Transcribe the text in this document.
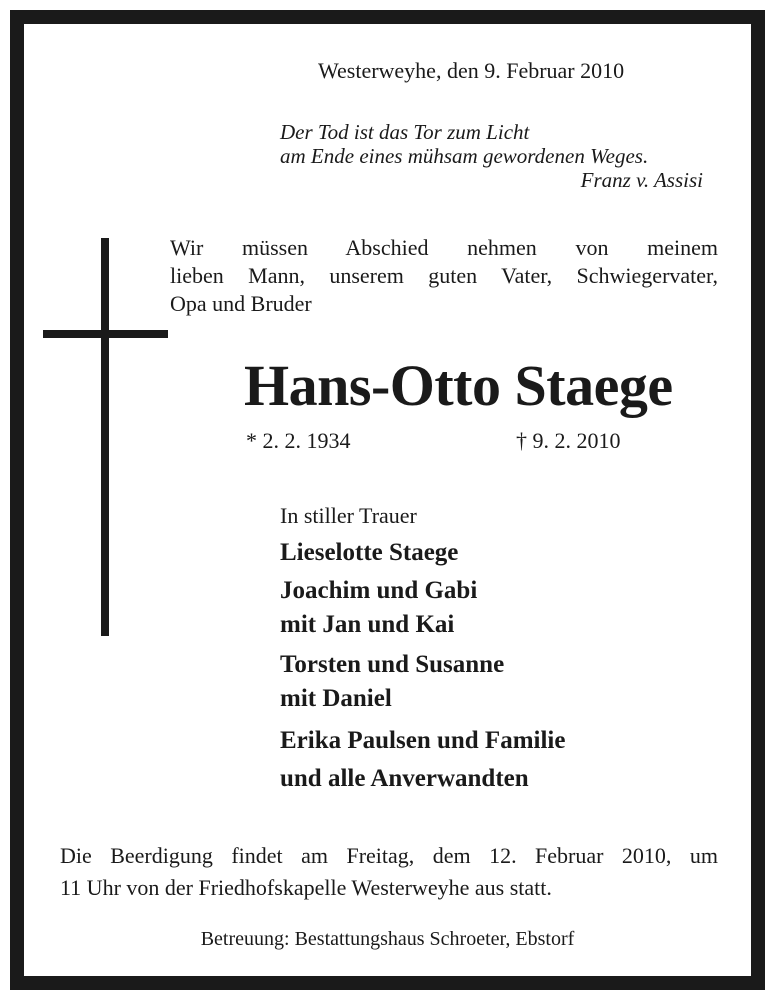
Westerweyhe, den 9. Februar 2010
Der Tod ist das Tor zum Licht
am Ende eines mühsam gewordenen Weges.
Franz v. Assisi
Wir müssen Abschied nehmen von meinem
lieben Mann, unserem guten Vater, Schwiegervater,
Opa und Bruder
Hans-Otto Staege
* 2. 2. 1934	† 9. 2. 2010
In stiller Trauer
Lieselotte Staege
Joachim und Gabi
mit Jan und Kai
Torsten und Susanne
mit Daniel
Erika Paulsen und Familie
und alle Anverwandten
Die Beerdigung findet am Freitag, dem 12. Februar 2010, um
11 Uhr von der Friedhofskapelle Westerweyhe aus statt.
Betreuung: Bestattungshaus Schroeter, Ebstorf
